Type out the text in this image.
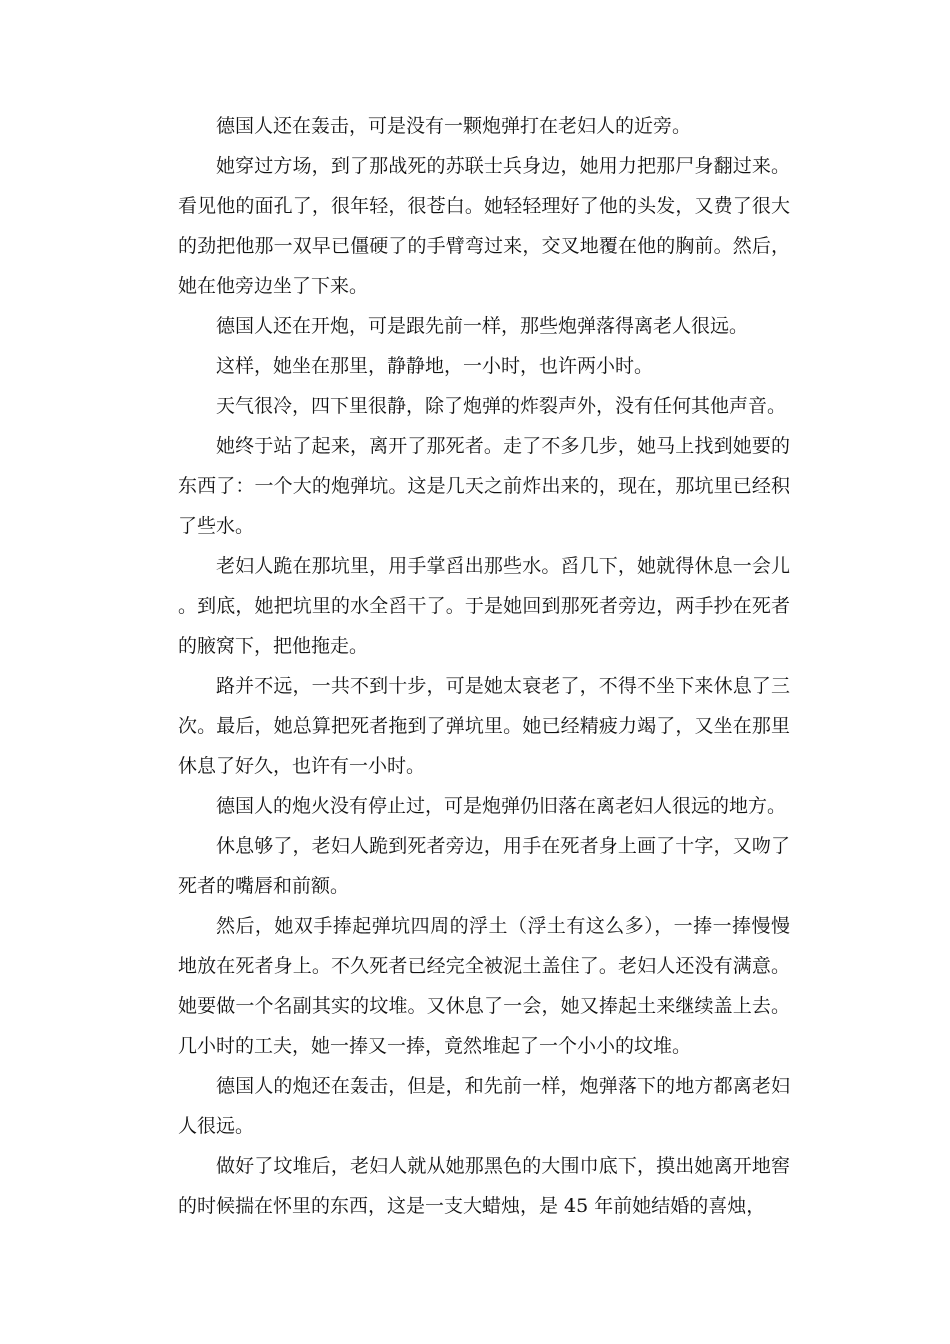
德国人还在轰击，可是没有一颗炮弹打在老妇人的近旁。

她穿过方场，到了那战死的苏联士兵身边，她用力把那尸身翻过来。看见他的面孔了，很年轻，很苍白。她轻轻理好了他的头发，又费了很大的劲把他那一双早已僵硬了的手臂弯过来，交叉地覆在他的胸前。然后，她在他旁边坐了下来。

德国人还在开炮，可是跟先前一样，那些炮弹落得离老人很远。

这样，她坐在那里，静静地，一小时，也许两小时。

天气很冷，四下里很静，除了炮弹的炸裂声外，没有任何其他声音。

她终于站了起来，离开了那死者。走了不多几步，她马上找到她要的东西了：一个大的炮弹坑。这是几天之前炸出来的，现在，那坑里已经积了些水。

老妇人跪在那坑里，用手掌舀出那些水。舀几下，她就得休息一会儿。到底，她把坑里的水全舀干了。于是她回到那死者旁边，两手抄在死者的腋窝下，把他拖走。

路并不远，一共不到十步，可是她太衰老了，不得不坐下来休息了三次。最后，她总算把死者拖到了弹坑里。她已经精疲力竭了，又坐在那里休息了好久，也许有一小时。

德国人的炮火没有停止过，可是炮弹仍旧落在离老妇人很远的地方。

休息够了，老妇人跪到死者旁边，用手在死者身上画了十字，又吻了死者的嘴唇和前额。

然后，她双手捧起弹坑四周的浮土（浮土有这么多），一捧一捧慢慢地放在死者身上。不久死者已经完全被泥土盖住了。老妇人还没有满意。她要做一个名副其实的坟堆。又休息了一会，她又捧起土来继续盖上去。几小时的工夫，她一捧又一捧，竟然堆起了一个小小的坟堆。

德国人的炮还在轰击，但是，和先前一样，炮弹落下的地方都离老妇人很远。

做好了坟堆后，老妇人就从她那黑色的大围巾底下，摸出她离开地窖的时候揣在怀里的东西，这是一支大蜡烛，是 45 年前她结婚的喜烛，
